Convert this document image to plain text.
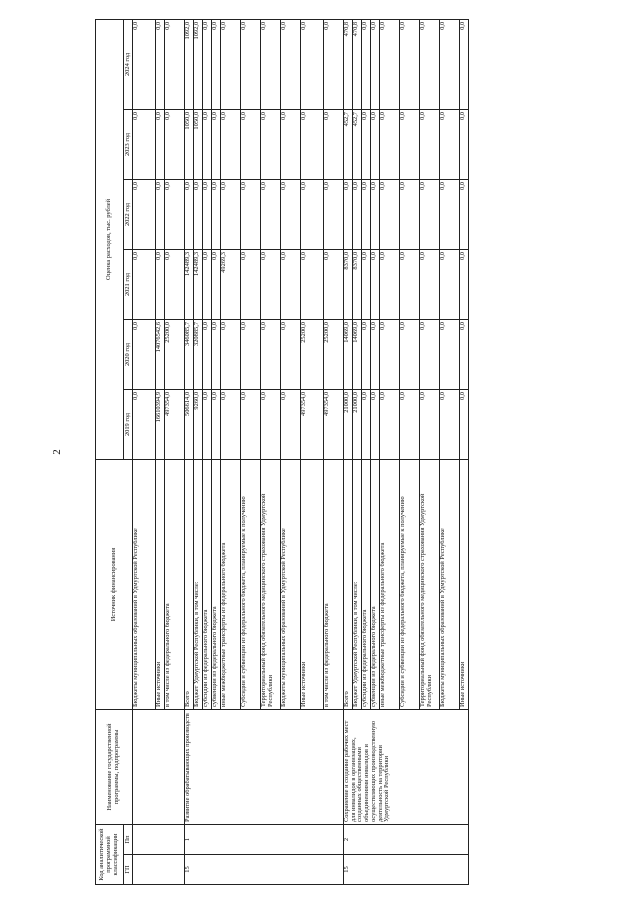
2
Код аналитической программной классификации		Наименование государственной программы, подпрограммы	Источник финансирования	Оценка расходов, тыс. рублей					
ГП	Пп			2019 год	2020 год	2021 год	2022 год	2023 год	2024 год
			Бюджеты муниципальных образований в Удмуртской Республике	0,0	0,0	0,0	0,0	0,0	0,0
			Иные источники	16610394,9	14076542,6	0,0	0,0	0,0	0,0
			в том числе из федерального бюджета	497354,0	25200,0	0,0	0,0	0,0	0,0
15	1	Развитие обрабатывающих производств	Всего	506614,0	346085,7	142489,3	0,0	1050,0	1092,0
			Бюджет Удмуртской Республики, в том числе:	9260,0	320885,7	142489,3	0,0	1050,0	1092,0
			субсидии из федерального бюджета	0,0	0,0	0,0	0,0	0,0	0,0
			субвенции из федерального бюджета	0,0	0,0	0,0	0,0	0,0	0,0
			иные межбюджетные трансферты из федерального бюджета	0,0	0,0	49269,3	0,0	0,0	0,0
			Субсидии и субвенции из федерального бюджета, планируемые к получению	0,0	0,0	0,0	0,0	0,0	0,0
			Территориальный фонд обязательного медицинского страхования Удмуртской Республики	0,0	0,0	0,0	0,0	0,0	0,0
			Бюджеты муниципальных образований в Удмуртской Республике	0,0	0,0	0,0	0,0	0,0	0,0
			Иные источники	497354,0	25200,0	0,0	0,0	0,0	0,0
			в том числе из федерального бюджета	497354,0	25200,0	0,0	0,0	0,0	0,0
15	2	Сохранение и создание рабочих мест для инвалидов в организациях, созданных общественными объединениями инвалидов и осуществляющих производственную деятельность на территории Удмуртской Республики	Всего	21000,0	14069,0	8370,0	0,0	452,7	470,8
			Бюджет Удмуртской Республики, в том числе:	21000,0	14069,0	8370,0	0,0	452,7	470,8
			субсидии из федерального бюджета	0,0	0,0	0,0	0,0	0,0	0,0
			субвенции из федерального бюджета	0,0	0,0	0,0	0,0	0,0	0,0
			иные межбюджетные трансферты из федерального бюджета	0,0	0,0	0,0	0,0	0,0	0,0
			Субсидии и субвенции из федерального бюджета, планируемые к получению	0,0	0,0	0,0	0,0	0,0	0,0
			Территориальный фонд обязательного медицинского страхования Удмуртской Республики	0,0	0,0	0,0	0,0	0,0	0,0
			Бюджеты муниципальных образований в Удмуртской Республике	0,0	0,0	0,0	0,0	0,0	0,0
			Иные источники	0,0	0,0	0,0	0,0	0,0	0,0
